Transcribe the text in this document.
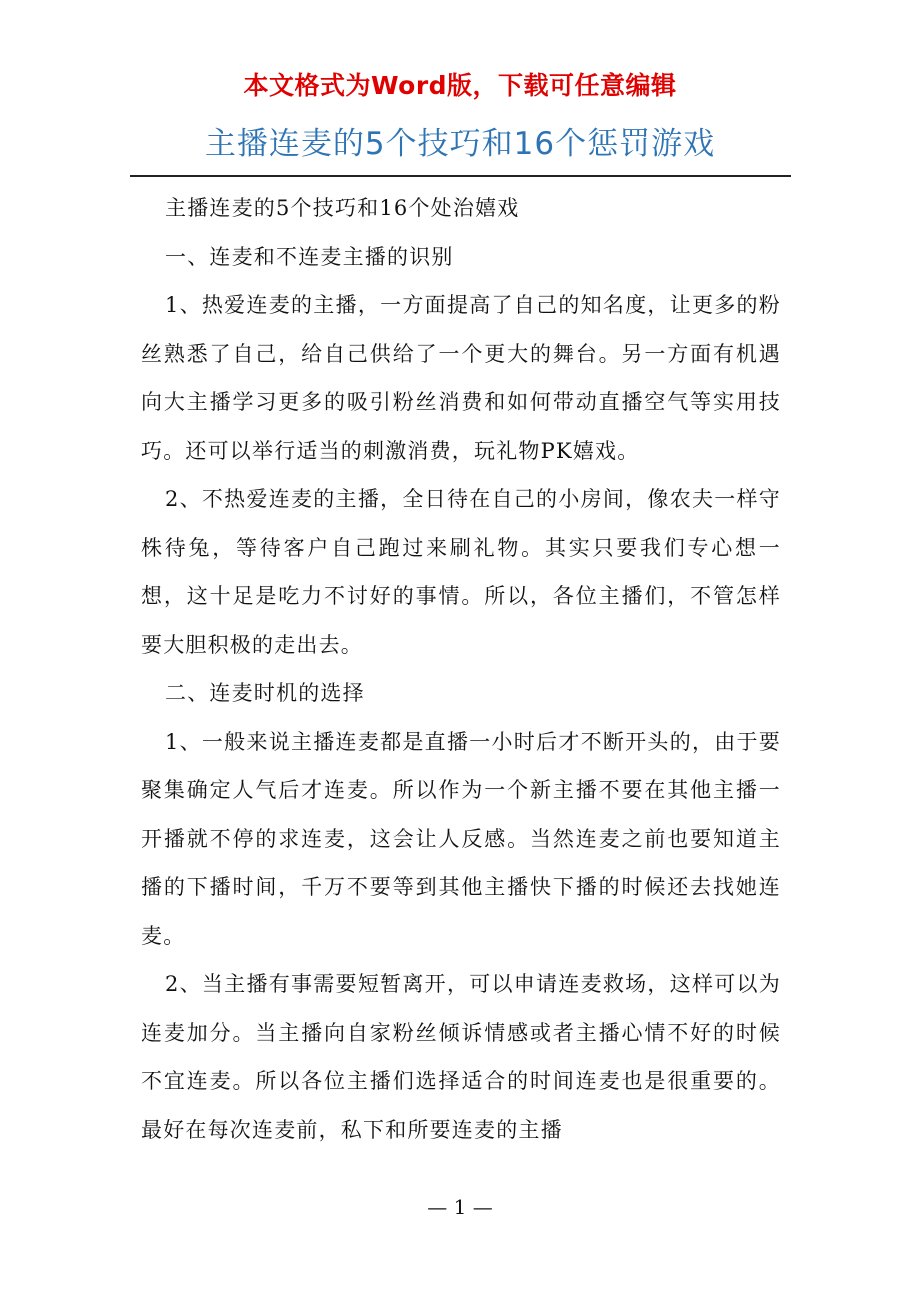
本文格式为Word版，下载可任意编辑
主播连麦的5个技巧和16个惩罚游戏

主播连麦的5个技巧和16个处治嬉戏

一、连麦和不连麦主播的识别

1、热爱连麦的主播，一方面提高了自己的知名度，让更多的粉丝熟悉了自己，给自己供给了一个更大的舞台。另一方面有机遇向大主播学习更多的吸引粉丝消费和如何带动直播空气等实用技巧。还可以举行适当的刺激消费，玩礼物PK嬉戏。

2、不热爱连麦的主播，全日待在自己的小房间，像农夫一样守株待兔，等待客户自己跑过来刷礼物。其实只要我们专心想一想，这十足是吃力不讨好的事情。所以，各位主播们，不管怎样要大胆积极的走出去。

二、连麦时机的选择

1、一般来说主播连麦都是直播一小时后才不断开头的，由于要聚集确定人气后才连麦。所以作为一个新主播不要在其他主播一开播就不停的求连麦，这会让人反感。当然连麦之前也要知道主播的下播时间，千万不要等到其他主播快下播的时候还去找她连麦。

2、当主播有事需要短暂离开，可以申请连麦救场，这样可以为连麦加分。当主播向自家粉丝倾诉情感或者主播心情不好的时候不宜连麦。所以各位主播们选择适合的时间连麦也是很重要的。最好在每次连麦前，私下和所要连麦的主播

— 1 —
